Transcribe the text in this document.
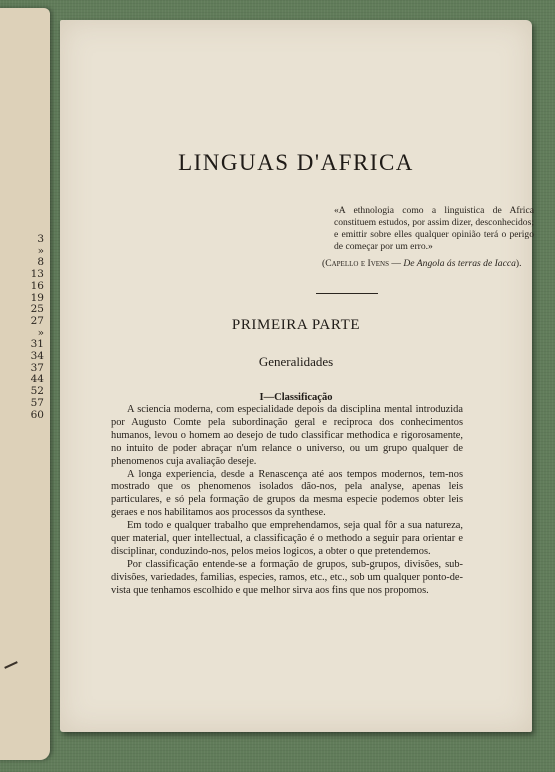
3
»
8
13
16
19
25
27
»
31
34
37
44
52
57
60
LINGUAS D'AFRICA
«A ethnologia como a linguistica de Africa constituem estudos, por assim dizer, desconhecidos; e emittir sobre elles qualquer opinião terá o perigo de começar por um erro.»
(Capello e Ivens — De Angola ás terras de Iacca).
PRIMEIRA PARTE
Generalidades
I—Classificação

A sciencia moderna, com especialidade depois da disciplina mental introduzida por Augusto Comte pela subordinação geral e reciproca dos conhecimentos humanos, levou o homem ao desejo de tudo classificar methodica e rigorosamente, no intuito de poder abraçar n'um relance o universo, ou um grupo qualquer de phenomenos cuja avaliação deseje.

A longa experiencia, desde a Renascença até aos tempos modernos, tem-nos mostrado que os phenomenos isolados dão-nos, pela analyse, apenas leis particulares, e só pela formação de grupos da mesma especie podemos obter leis geraes e nos habilitamos aos processos da synthese.

Em todo e qualquer trabalho que emprehendamos, seja qual fôr a sua natureza, quer material, quer intellectual, a classificação é o methodo a seguir para orientar e disciplinar, conduzindo-nos, pelos meios logicos, a obter o que pretendemos.

Por classificação entende-se a formação de grupos, sub-grupos, divisões, sub-divisões, variedades, familias, especies, ramos, etc., etc., sob um qualquer ponto-de-vista que tenhamos escolhido e que melhor sirva aos fins que nos propomos.
